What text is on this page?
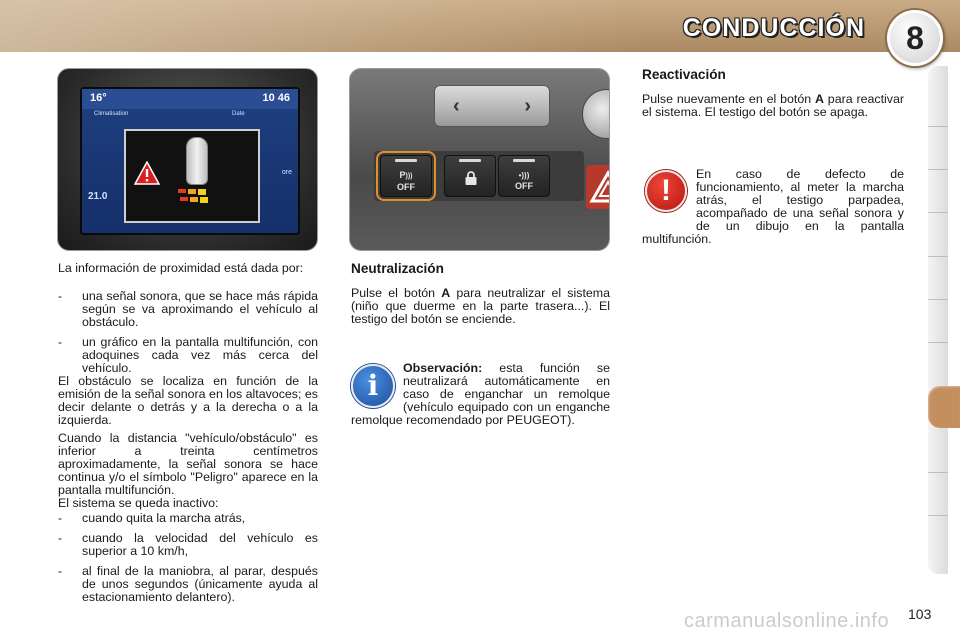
CONDUCCIÓN	8
16°	10 46
Climatisation	Date
ore
21.0
‹	›
P)))
OFF
•)))
OFF
La información de proximidad está dada por:
- una señal sonora, que se hace más rápida según se va aproximando el vehículo al obstáculo.
- un gráfico en la pantalla multifunción, con adoquines cada vez más cerca del vehículo.
El obstáculo se localiza en función de la emisión de la señal sonora en los altavoces; es decir delante o detrás y a la derecha o a la izquierda.
Cuando la distancia "vehículo/obstáculo" es inferior a treinta centímetros aproximadamente, la señal sonora se hace continua y/o el símbolo "Peligro" aparece en la pantalla multifunción.
El sistema se queda inactivo:
- cuando quita la marcha atrás,
- cuando la velocidad del vehículo es superior a 10 km/h,
- al final de la maniobra, al parar, después de unos segundos (únicamente ayuda al estacionamiento delantero).
Neutralización
Pulse el botón A para neutralizar el sistema (niño que duerme en la parte trasera...). El testigo del botón se enciende.
i
Observación: esta función se neutralizará automáticamente en caso de enganchar un remolque (vehículo equipado con un enganche remolque recomendado por PEUGEOT).
Reactivación
Pulse nuevamente en el botón A para reactivar el sistema. El testigo del botón se apaga.
!	En caso de defecto de funcionamiento, al meter la marcha atrás, el testigo parpadea, acompañado de una señal sonora y de un dibujo en la pantalla multifunción.
carmanualsonline.info 103
